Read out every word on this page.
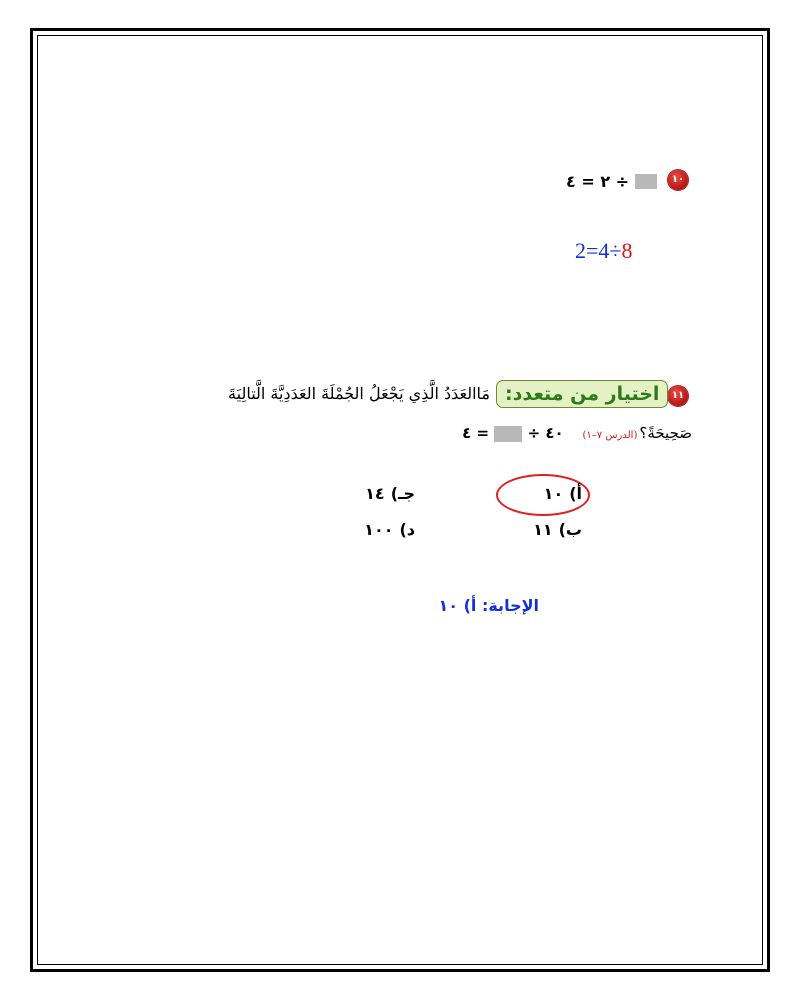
١٠
٢ = ٤ ÷
2=4÷8
١١
اختيار من متعدد:
مَاالعَدَدُ الَّذِي يَجْعَلُ الجُمْلَةَ العَدَدِيَّةَ الَّتالِيَةَ
صَحِيحَةً؟(الدرس ٧–١) ٤٠ ÷  = ٤
أ)١٠
ب)١١
جـ)١٤
د)١٠٠
الإجابة: أ) ١٠
